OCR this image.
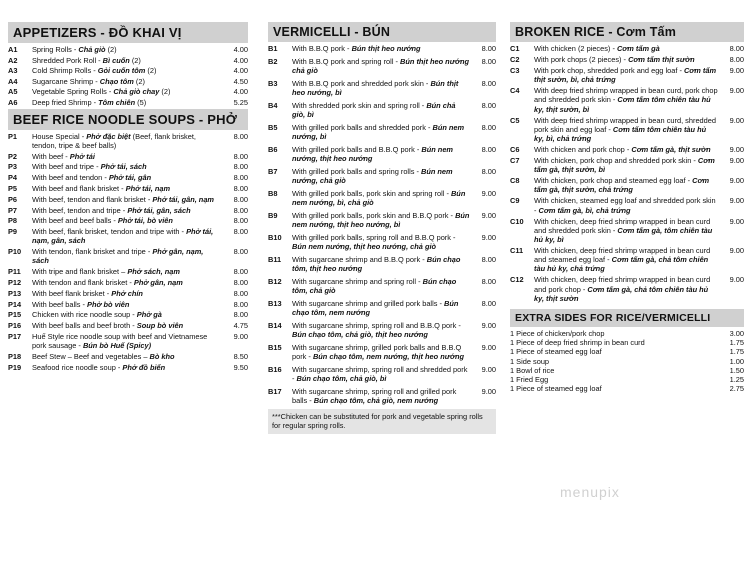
APPETIZERS - ĐỒ KHAI VỊ
A1	Spring Rolls - Chả giò (2)	4.00
A2	Shredded Pork Roll - Bì cuốn (2)	4.00
A3	Cold Shrimp Rolls - Gỏi cuốn tôm (2)	4.00
A4	Sugarcane Shrimp - Chạo tôm (2)	4.50
A5	Vegetable Spring Rolls - Chả giò chay (2)	4.00
A6	Deep fried Shrimp - Tôm chiên (5)	5.25
BEEF RICE NOODLE SOUPS - PHỞ
P1	House Special - Phở đặc biệt (Beef, flank brisket, tendon, tripe & beef balls)
8.00
P2	With beef - Phở tái	8.00
P3	With beef and tripe - Phở tái, sách	8.00
P4	With beef and tendon - Phở tái, gân	8.00
P5	With beef and flank brisket - Phở tái, nạm	8.00
P6	With beef, tendon and flank brisket - Phở tái, gân, nạm	8.00
P7	With beef, tendon and tripe - Phở tái, gân, sách	8.00
P8	With beef and beef balls - Phở tái, bò viên	8.00
P9	With beef, flank brisket, tendon and tripe with - Phở tái, nạm, gân, sách
8.00
P10	With tendon, flank brisket and tripe - Phở gân, nạm, sách
8.00
P11	With tripe and flank brisket – Phở sách, nạm	8.00
P12	With tendon and flank brisket - Phở gân, nạm	8.00
P13	With beef flank brisket - Phở chín	8.00
P14	With beef balls - Phở bò viên	8.00
P15	Chicken with rice noodle soup - Phở gà	8.00
P16	With beef balls and beef broth - Soup bò viên	4.75
P17	Huế Style rice noodle soup with beef and Vietnamese pork sausage - Bún bò Huế (Spicy)
9.00
P18	Beef Stew – Beef and vegetables – Bò kho	8.50
P19	Seafood rice noodle soup - Phở đồ biển	9.50
VERMICELLI - BÚN
B1	With B.B.Q pork - Bún thịt heo nướng	8.00
B2	With B.B.Q pork and spring roll - Bún thịt heo nướng chả giò
8.00
B3	With B.B.Q pork and shredded pork skin - Bún thịt heo nướng, bì
8.00
B4	With shredded pork skin and spring roll - Bún chả giò, bì
8.00
B5	With grilled pork balls and shredded pork - Bún nem nướng, bì
8.00
B6	With grilled pork balls and B.B.Q pork - Bún nem nướng, thịt heo nướng
8.00
B7	With grilled pork balls and spring rolls - Bún nem nướng, chả giò
8.00
B8	With grilled pork balls, pork skin and spring roll - Bún nem nướng, bì, chả giò
9.00
B9	With grilled pork balls, pork skin and B.B.Q pork - Bún nem nướng, thịt heo nướng, bì
9.00
B10	With grilled pork balls, spring roll and B.B.Q pork - Bún nem nướng, thịt heo nướng, chả giò
9.00
B11	With sugarcane shrimp and B.B.Q pork - Bún chạo tôm, thịt heo nướng
8.00
B12	With sugarcane shrimp and spring roll - Bún chạo tôm, chả giò
8.00
B13	With sugarcane shrimp and grilled pork balls - Bún chạo tôm, nem nướng
8.00
B14	With sugarcane shrimp, spring roll and B.B.Q pork - Bún chạo tôm, chả giò, thịt heo nướng
9.00
B15	With sugarcane shrimp, grilled pork balls and B.B.Q pork - Bún chạo tôm, nem nướng, thịt heo nướng
9.00
B16	With sugarcane shrimp, spring roll and shredded pork - Bún chạo tôm, chả giò, bì
9.00
B17	With sugarcane shrimp, spring roll and grilled pork balls - Bún chạo tôm, chả giò, nem nướng
9.00
***Chicken can be substituted for pork and vegetable spring rolls for regular spring rolls.
BROKEN RICE - Cơm Tấm
C1	With chicken (2 pieces) - Cơm tấm gà	8.00
C2	With pork chops (2 pieces) - Cơm tấm thịt sườn	8.00
C3	With pork chop, shredded pork and egg loaf - Cơm tấm thịt sườn, bì, chả trứng
9.00
C4	With deep fried shrimp wrapped in bean curd, pork chop and shredded pork skin - Cơm tấm tôm chiên tàu hủ ky, thịt sườn, bì
9.00
C5	With deep fried shrimp wrapped in bean curd, shredded pork skin and egg loaf - Cơm tấm tôm chiên tàu hủ ky, bì, chả trứng
9.00
C6	With chicken and pork chop - Cơm tấm gà, thịt sườn	9.00
C7	With chicken, pork chop and shredded pork skin - Cơm tấm gà, thịt sườn, bì
9.00
C8	With chicken, pork chop and steamed egg loaf - Cơm tấm gà, thịt sườn, chả trứng
9.00
C9	With chicken, steamed egg loaf and shredded pork skin - Cơm tấm gà, bì, chả trứng
9.00
C10	With chicken, deep fried shrimp wrapped in bean curd and shredded pork skin - Cơm tấm gà, tôm chiên tàu hủ ky, bì
9.00
C11	With chicken, deep fried shrimp wrapped in bean curd and steamed egg loaf - Cơm tấm gà, chả tôm chiên tàu hủ ky, chả trứng
9.00
C12	With chicken, deep fried shrimp wrapped in bean curd and pork chop - Cơm tấm gà, chả tôm chiên tàu hủ ky, thịt sườn
9.00
EXTRA SIDES FOR RICE/VERMICELLI
1 Piece of chicken/pork chop	3.00
1 Piece of deep fried shrimp in bean curd	1.75
1 Piece of steamed egg loaf	1.75
1 Side soup	1.00
1 Bowl of rice	1.50
1 Fried Egg	1.25
1 Piece of steamed egg loaf	2.75
menupix
